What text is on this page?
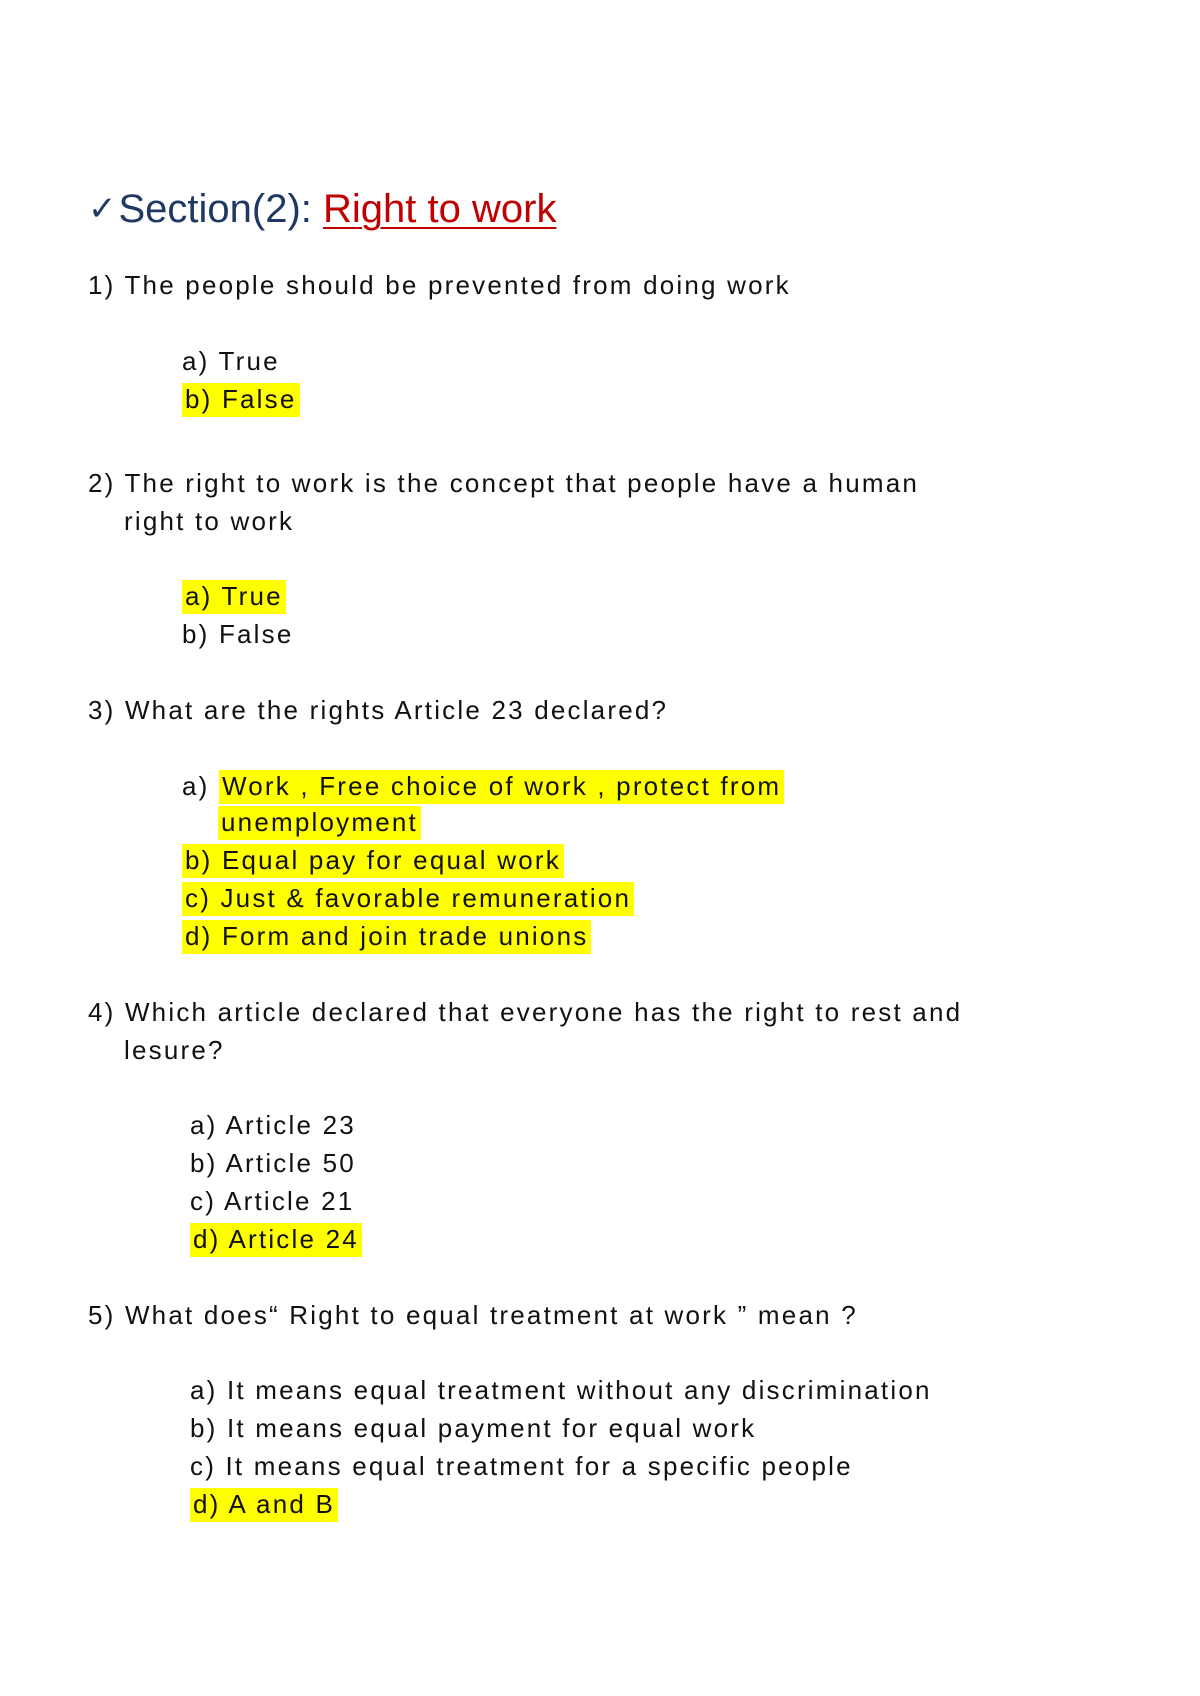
✓Section(2): Right to work
1) The people should be prevented from doing work
a) True
b) False
2) The right to work is the concept that people have a human
right to work
a) True
b) False
3) What are the rights Article 23 declared?
a) Work , Free choice of work , protect from
unemployment
b) Equal pay for equal work
c) Just & favorable remuneration
d) Form and join trade unions
4) Which article declared that everyone has the right to rest and
lesure?
a) Article 23
b) Article 50
c) Article 21
d) Article 24
5) What does“ Right to equal treatment at work ” mean ?
a) It means equal treatment without any discrimination
b) It means equal payment for equal work
c) It means equal treatment for a specific people
d) A and B
